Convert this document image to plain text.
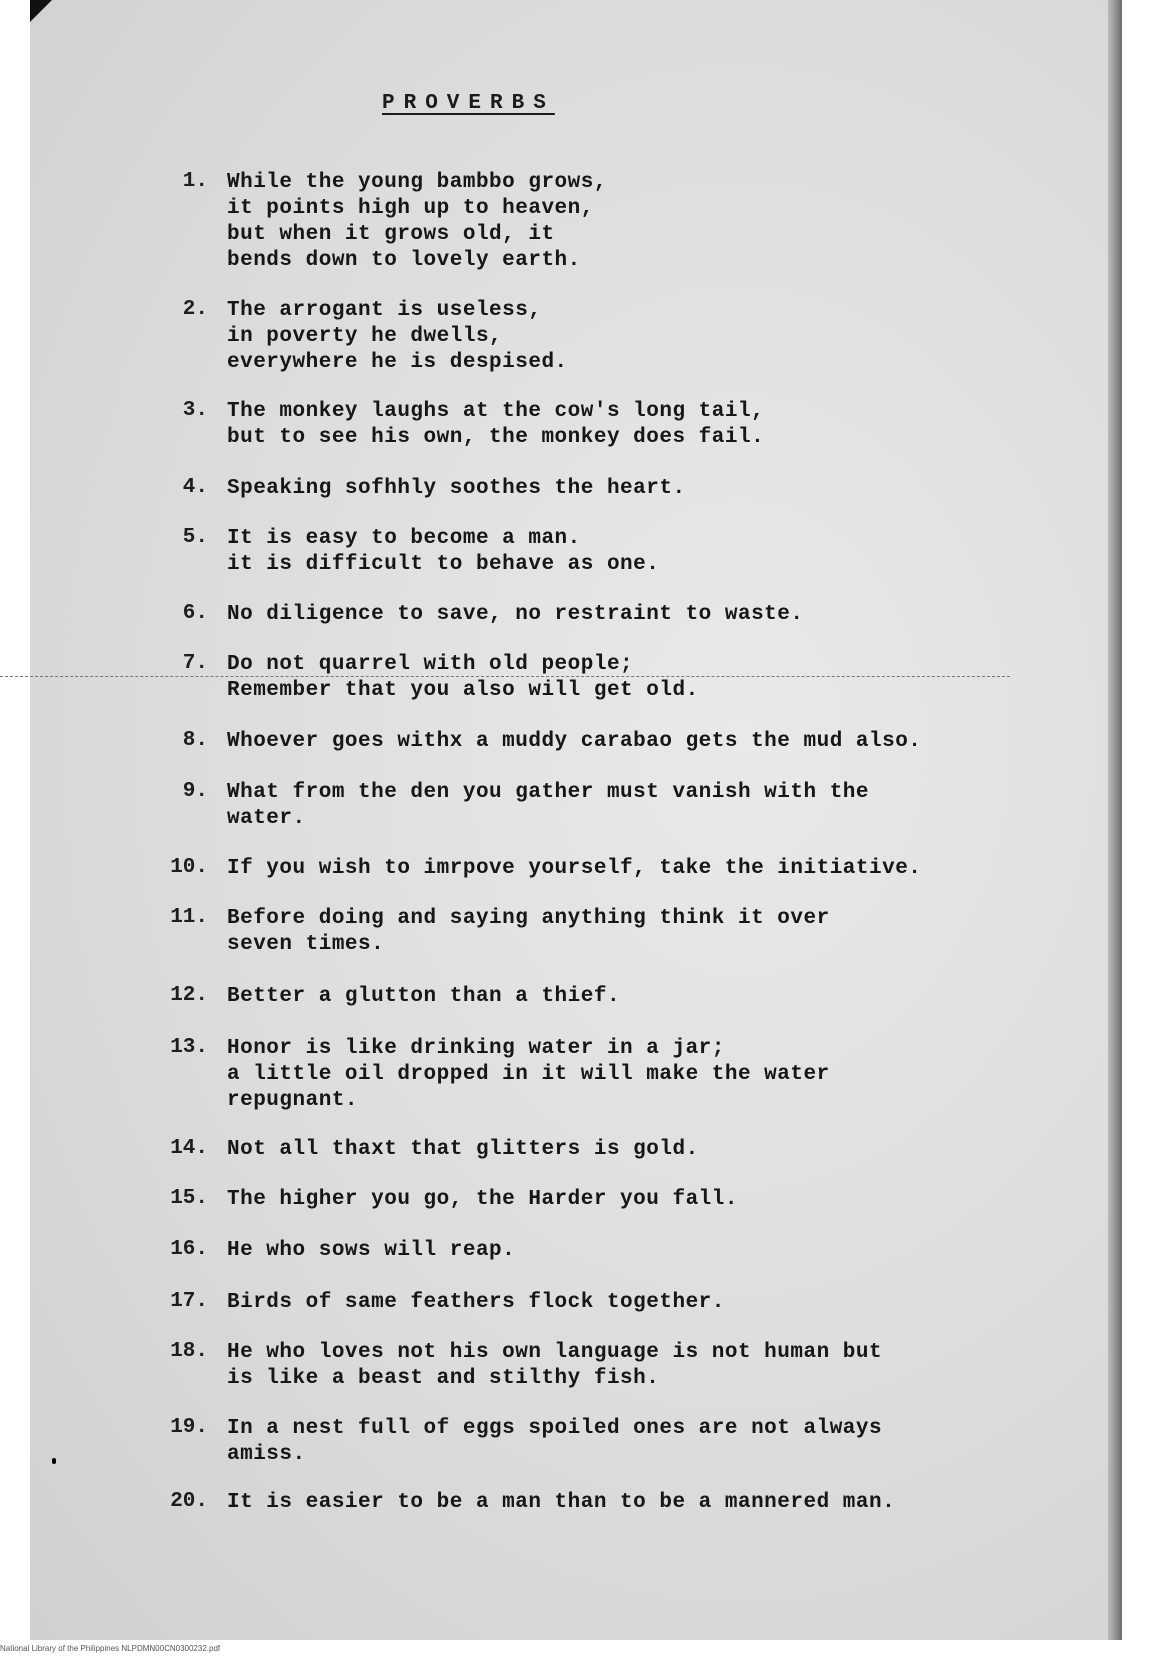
PROVERBS
1. While the young bambbo grows,
it points high up to heaven,
but when it grows old, it
bends down to lovely earth.
2. The arrogant is useless,
in poverty he dwells,
everywhere he is despised.
3. The monkey laughs at the cow's long tail,
but to see his own, the monkey does fail.
4. Speaking sofhhly soothes the heart.
5. It is easy to become a man.
it is difficult to behave as one.
6. No diligence to save, no restraint to waste.
7. Do not quarrel with old people;
Remember that you also will get old.
8. Whoever goes withx a muddy carabao gets the mud also.
9. What from the den you gather must vanish with the
water.
10. If you wish to imrpove yourself, take the initiative.
11. Before doing and saying anything think it over
seven times.
12. Better a glutton than a thief.
13. Honor is like drinking water in a jar;
a little oil dropped in it will make the water
repugnant.
14. Not all thaxt that glitters is gold.
15. The higher you go, the Harder you fall.
16. He who sows will reap.
17. Birds of same feathers flock together.
18. He who loves not his own language is not human but
is like a beast and stilthy fish.
19. In a nest full of eggs spoiled ones are not always
amiss.
20. It is easier to be a man than to be a mannered man.
National Library of the Philippines NLPDMN00CN0300232.pdf
